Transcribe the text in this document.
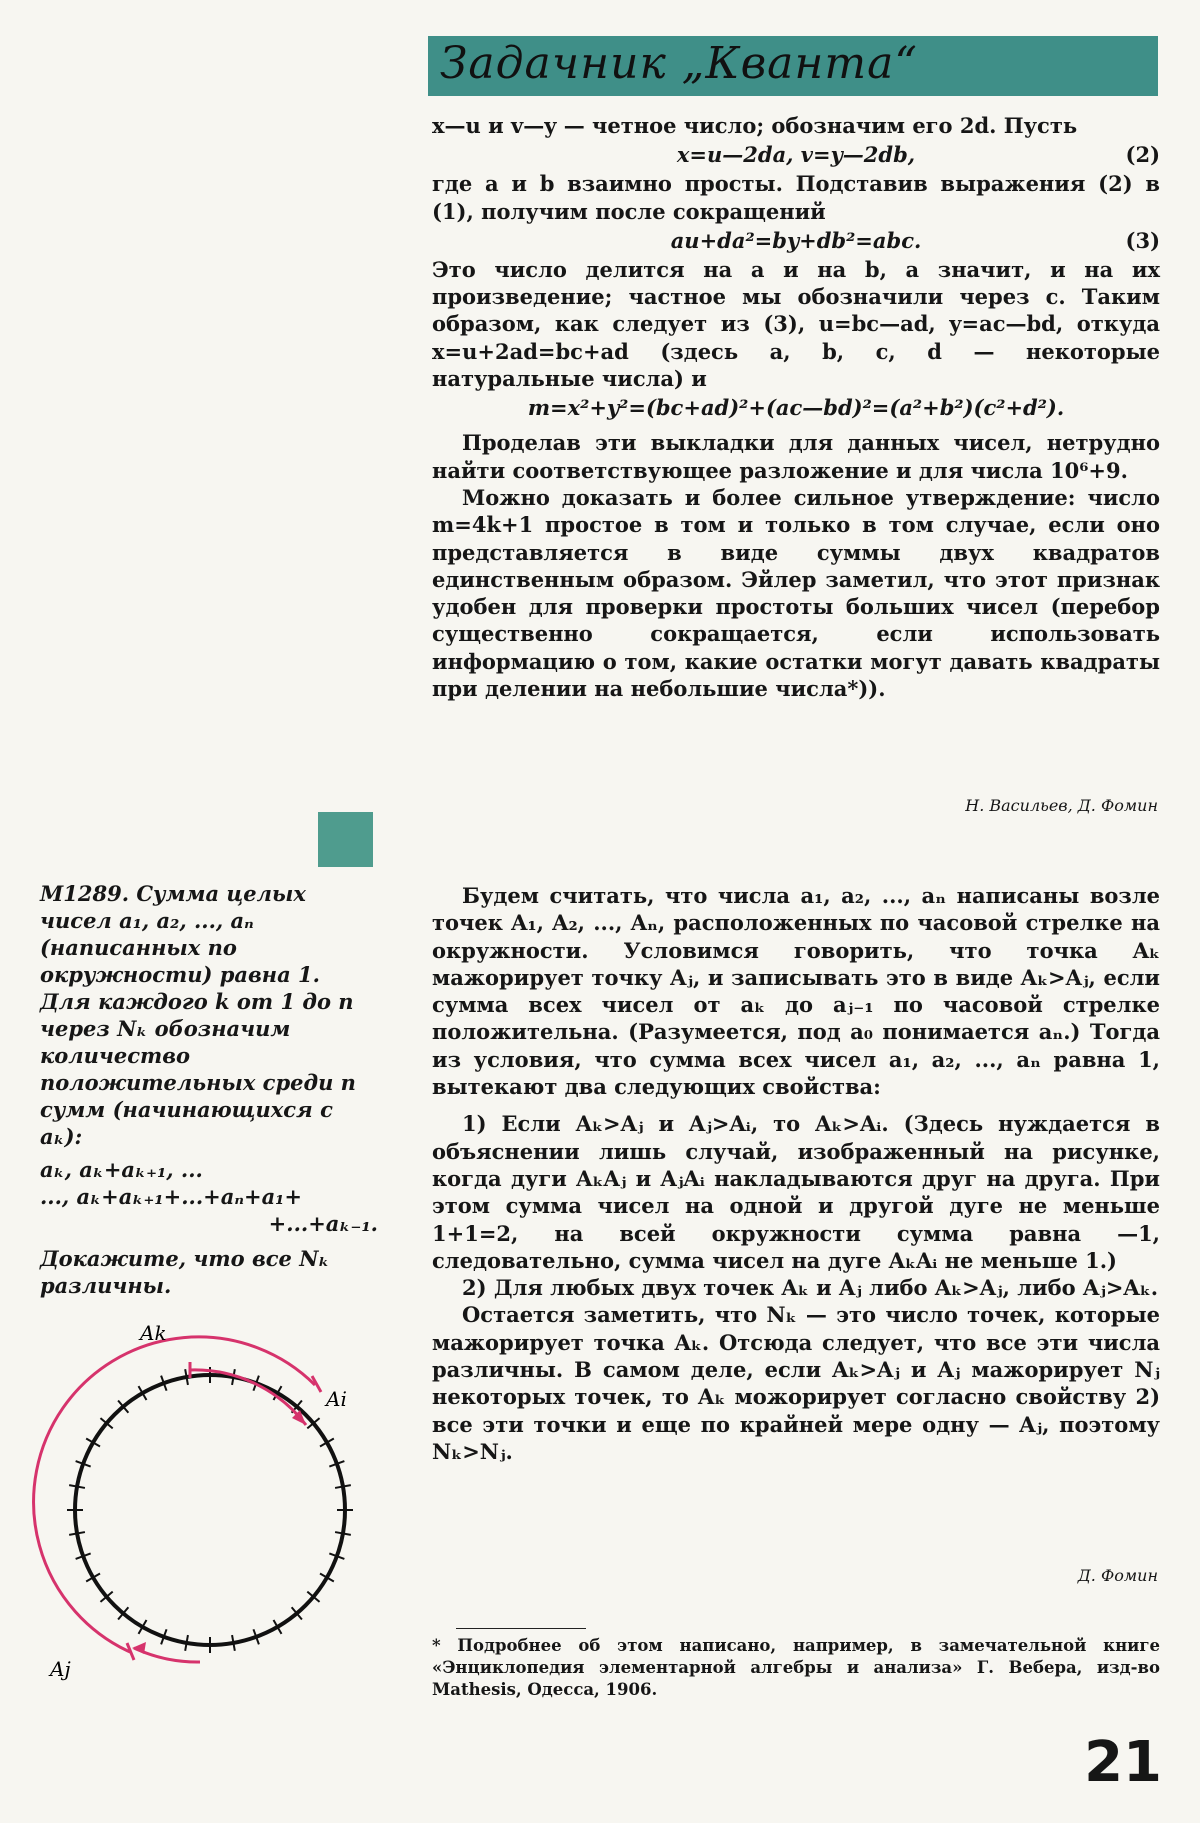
Задачник „Кванта“

x—u и v—y — четное число; обозначим его 2d. Пусть

x=u—2da, v=y—2db,	(2)

где a и b взаимно просты. Подставив выражения (2) в (1), получим после сокращений

au+da²=by+db²=abc.	(3)

Это число делится на a и на b, а значит, и на их произведение; частное мы обозначили через c. Таким образом, как следует из (3), u=bc—ad, y=ac—bd, откуда x=u+2ad=bc+ad (здесь a, b, c, d — некоторые натуральные числа) и

m=x²+y²=(bc+ad)²+(ac—bd)²=(a²+b²)(c²+d²).

Проделав эти выкладки для данных чисел, нетрудно найти соответствующее разложение и для числа 10⁶+9.

Можно доказать и более сильное утверждение: число m=4k+1 простое в том и только в том случае, если оно представляется в виде суммы двух квадратов единственным образом. Эйлер заметил, что этот признак удобен для проверки простоты больших чисел (перебор существенно сокращается, если использовать информацию о том, какие остатки могут давать квадраты при делении на небольшие числа*)).

Н. Васильев, Д. Фомин

M1289. Сумма целых чисел a₁, a₂, ..., aₙ (написанных по окружности) равна 1. Для каждого k от 1 до n через Nₖ обозначим количество положительных среди n сумм (начинающихся с aₖ):

aₖ, aₖ+aₖ₊₁, ...

..., aₖ+aₖ₊₁+...+aₙ+a₁+

+...+aₖ₋₁.

Докажите, что все Nₖ различны.

Ak
Ai
Aj

Будем считать, что числа a₁, a₂, ..., aₙ написаны возле точек A₁, A₂, ..., Aₙ, расположенных по часовой стрелке на окружности. Условимся говорить, что точка Aₖ мажорирует точку Aⱼ, и записывать это в виде Aₖ>Aⱼ, если сумма всех чисел от aₖ до aⱼ₋₁ по часовой стрелке положительна. (Разумеется, под a₀ понимается aₙ.) Тогда из условия, что сумма всех чисел a₁, a₂, ..., aₙ равна 1, вытекают два следующих свойства:

1) Если Aₖ>Aⱼ и Aⱼ>Aᵢ, то Aₖ>Aᵢ. (Здесь нуждается в объяснении лишь случай, изображенный на рисунке, когда дуги AₖAⱼ и AⱼAᵢ накладываются друг на друга. При этом сумма чисел на одной и другой дуге не меньше 1+1=2, на всей окружности сумма равна —1, следовательно, сумма чисел на дуге AₖAᵢ не меньше 1.)

2) Для любых двух точек Aₖ и Aⱼ либо Aₖ>Aⱼ, либо Aⱼ>Aₖ.

Остается заметить, что Nₖ — это число точек, которые мажорирует точка Aₖ. Отсюда следует, что все эти числа различны. В самом деле, если Aₖ>Aⱼ и Aⱼ мажорирует Nⱼ некоторых точек, то Aₖ можорирует согласно свойству 2) все эти точки и еще по крайней мере одну — Aⱼ, поэтому Nₖ>Nⱼ.

Д. Фомин
* Подробнее об этом написано, например, в замечательной книге «Энциклопедия элементарной алгебры и анализа» Г. Вебера, изд-во Mathesis, Одесса, 1906.
21
